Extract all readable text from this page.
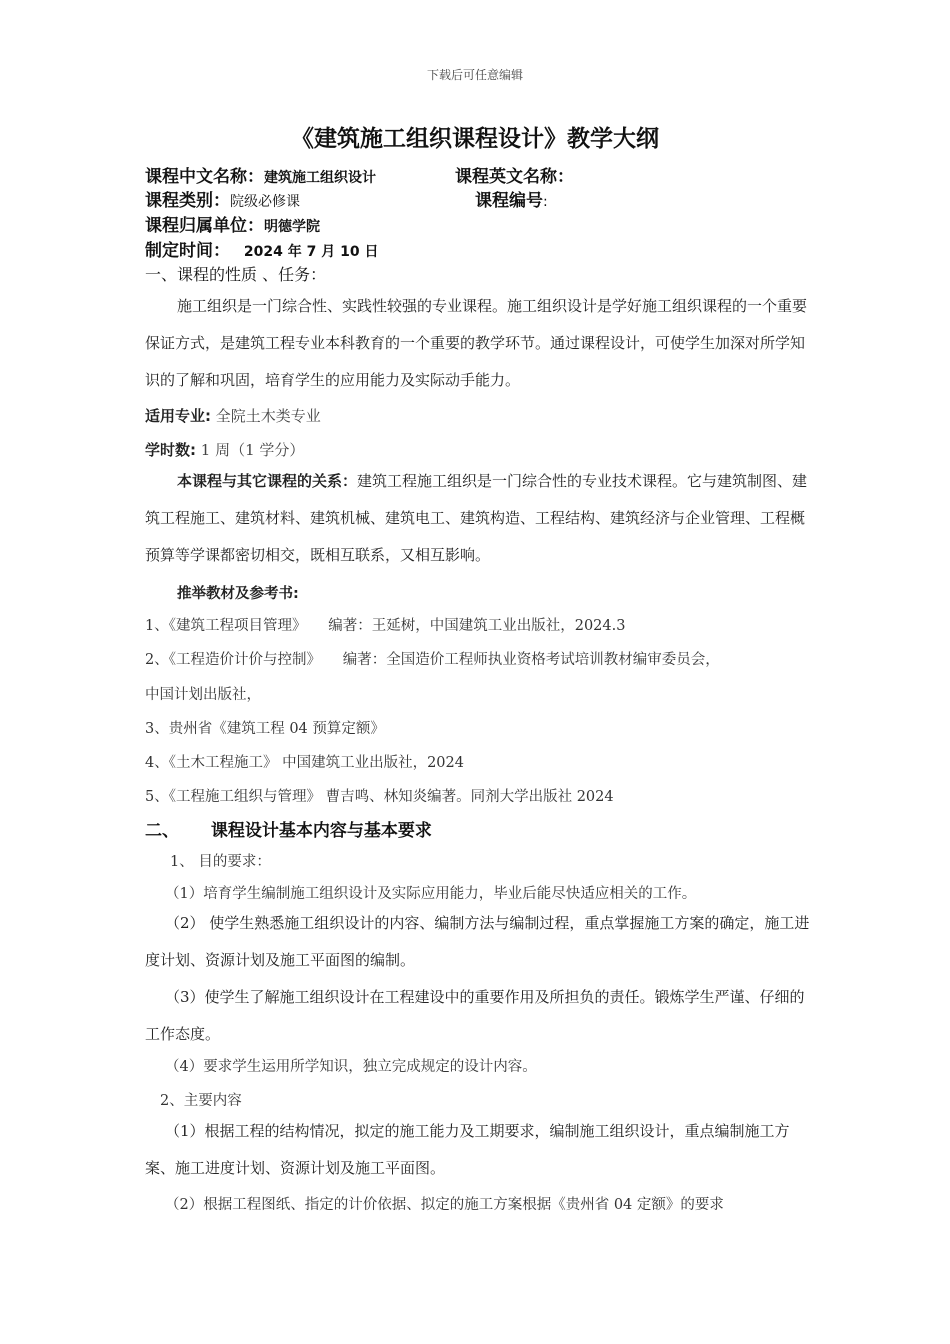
下载后可任意编辑
《建筑施工组织课程设计》教学大纲
课程中文名称：建筑施工组织设计	课程英文名称：
课程类别：院级必修课	课程编号:
课程归属单位：明德学院
制定时间： 2024 年 7 月 10 日
一、课程的性质 、任务：
施工组织是一门综合性、实践性较强的专业课程。施工组织设计是学好施工组织课程的一个重要保证方式，是建筑工程专业本科教育的一个重要的教学环节。通过课程设计，可使学生加深对所学知识的了解和巩固，培育学生的应用能力及实际动手能力。
适用专业: 全院土木类专业
学时数: 1 周（1 学分）
本课程与其它课程的关系：建筑工程施工组织是一门综合性的专业技术课程。它与建筑制图、建筑工程施工、建筑材料、建筑机械、建筑电工、建筑构造、工程结构、建筑经济与企业管理、工程概预算等学课都密切相交，既相互联系，又相互影响。
推举教材及参考书:
1、《建筑工程项目管理》　　编著：王延树，中国建筑工业出版社，2024.3
2、《工程造价计价与控制》　　编著：全国造价工程师执业资格考试培训教材编审委员会，
中国计划出版社，
3、贵州省《建筑工程 04 预算定额》
4、《土木工程施工》 中国建筑工业出版社，2024
5、《工程施工组织与管理》 曹吉鸣、林知炎编著。同剂大学出版社 2024
二、 课程设计基本内容与基本要求
1、 目的要求：
（1）培育学生编制施工组织设计及实际应用能力，毕业后能尽快适应相关的工作。
（2） 使学生熟悉施工组织设计的内容、编制方法与编制过程，重点掌握施工方案的确定，施工进度计划、资源计划及施工平面图的编制。
（3）使学生了解施工组织设计在工程建设中的重要作用及所担负的责任。锻炼学生严谨、仔细的工作态度。
（4）要求学生运用所学知识，独立完成规定的设计内容。
2、主要内容
（1）根据工程的结构情况，拟定的施工能力及工期要求，编制施工组织设计，重点编制施工方案、施工进度计划、资源计划及施工平面图。
（2）根据工程图纸、指定的计价依据、拟定的施工方案根据《贵州省 04 定额》的要求
